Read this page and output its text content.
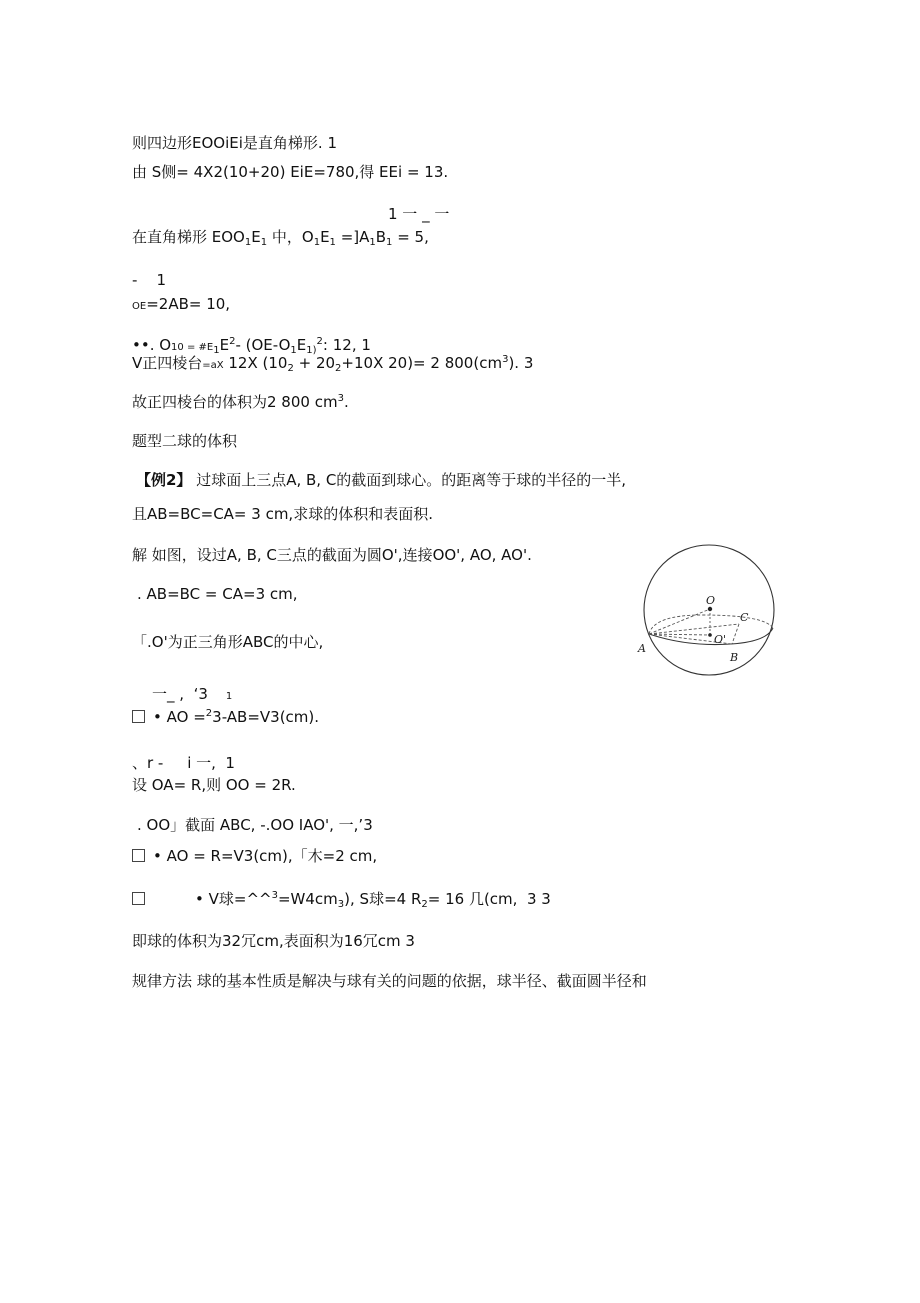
则四边形EOOiEi是直角梯形. 1
由 S侧= 4X2(10+20) EiE=780,得 EEi = 13.
1 一 _ 一
在直角梯形 $EOO_1E_1$ 中，$O_1E_1 =]A_1B_1 = 5$,
-    1
OE=2AB= 10,
••. $O10 = \#E_1E^2-$ ($OE-O_1E_{1)}^2$: 12, 1
V正四棱台=aX 12X ($10_2 + 20_2+10X$ 20)= 2 $800(cm^3)$. 3
故正四棱台的体积为2 800 $cm^3$.
题型二球的体积
【例2】 过球面上三点A, B, C的截面到球心。的距离等于球的半径的一半,
且AB=BC=CA= 3 cm,求球的体积和表面积.
解 如图，设过A, B, C三点的截面为圆O',连接OO', AO, AO'.
. AB=BC = CA=3 cm,
「.O'为正三角形ABC的中心,
一_ ,  ‘3 1
• AO =$^2$3-AB=V3(cm).
、r -     i 一,  1
设 OA= R,则 OO = 2R.
. OO」截面 ABC, -.OO IAO', 一,’3
• AO = R=V3(cm),「木=2 cm,
• V球$=\^{}\^{}^3=W4cm_3$), S球=4 $R_2= 16$ 几(cm,  3 3
即球的体积为32冗cm,表面积为16冗cm 3
规律方法 球的基本性质是解决与球有关的问题的依据，球半径、截面圆半径和
O
O'
A
B
C
